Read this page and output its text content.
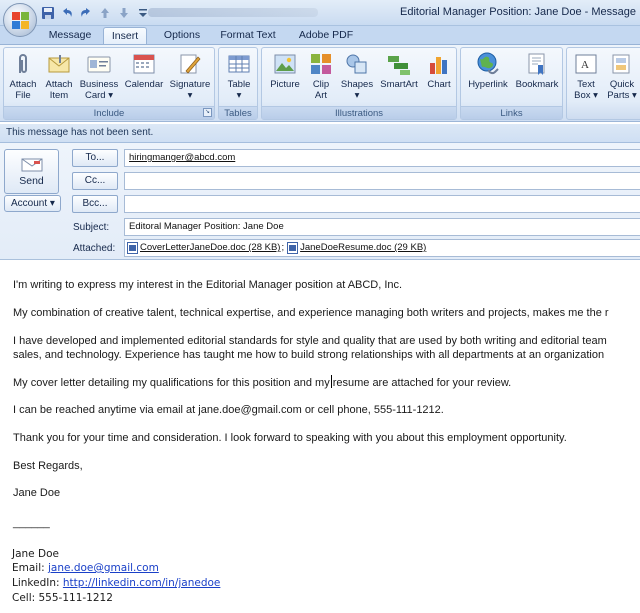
Editorial Manager Position: Jane Doe - Message
Message	Insert	Options	Format Text	Adobe PDF
Attach
File
Attach
Item
Business
Card ▾
Calendar Signature
▾
Include	↘
Table
▾
Tables
Picture	Clip
Art
Shapes
▾
SmartArt	Chart
Illustrations
Hyperlink Bookmark
Links
A
Text
Box ▾
Quick
Parts ▾
This message has not been sent.
Send
Account ▾
To...
Cc...
Bcc...
hiringmanger@abcd.com
Subject:	Editoral Manager Position: Jane Doe
Attached:	CoverLetterJaneDoe.doc (28 KB) ; JaneDoeResume.doc (29 KB)
I'm writing to express my interest in the Editorial Manager position at ABCD, Inc.
My combination of creative talent, technical expertise, and experience managing both writers and projects, makes me the r
I have developed and implemented editorial standards for style and quality that are used by both writing and editorial team
sales, and technology. Experience has taught me how to build strong relationships with all departments at an organization
My cover letter detailing my qualifications for this position and my resume are attached for your review.
I can be reached anytime via email at jane.doe@gmail.com or cell phone, 555-111-1212.
Thank you for your time and consideration. I look forward to speaking with you about this employment opportunity.
Best Regards,
Jane Doe
______
Jane Doe
Email: jane.doe@gmail.com
LinkedIn: http://linkedin.com/in/janedoe
Cell: 555-111-1212
